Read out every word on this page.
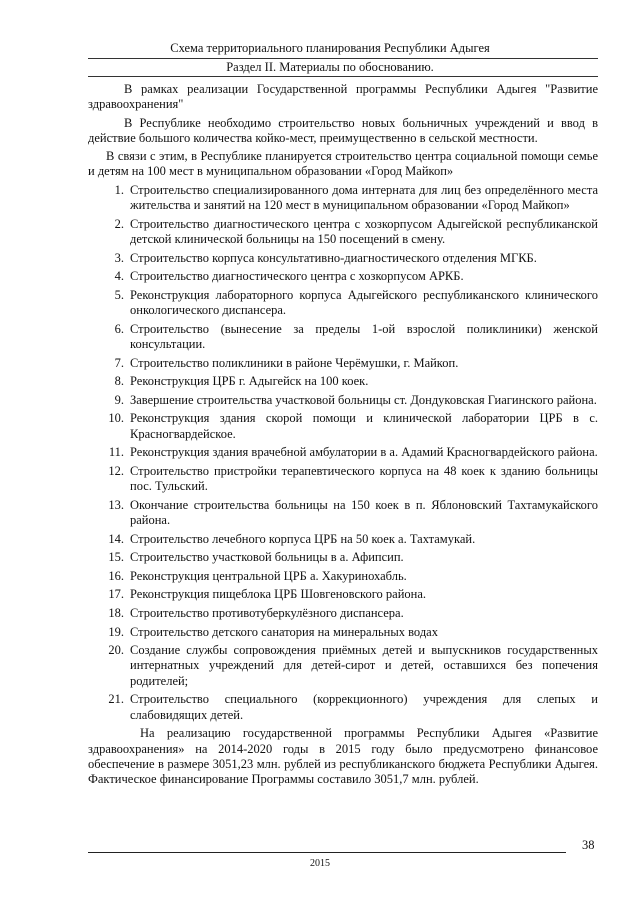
Схема территориального планирования Республики Адыгея
Раздел II. Материалы по обоснованию.

В рамках реализации Государственной программы Республики Адыгея "Развитие здравоохранения"

В Республике необходимо строительство новых больничных учреждений и ввод в действие большого количества койко-мест, преимущественно в сельской местности.

В связи с этим, в Республике планируется строительство центра социальной помощи семье и детям на 100 мест в муниципальном образовании «Город Майкоп»

1. Строительство специализированного дома интерната для лиц без определённого места жительства и занятий на 120 мест в муниципальном образовании «Город Майкоп»
2. Строительство диагностического центра с хозкорпусом Адыгейской республиканской детской клинической больницы на 150 посещений в смену.
3. Строительство корпуса консультативно-диагностического отделения МГКБ.
4. Строительство диагностического центра с хозкорпусом АРКБ.
5. Реконструкция лабораторного корпуса Адыгейского республиканского клинического онкологического диспансера.
6. Строительство (вынесение за пределы 1-ой взрослой поликлиники) женской консультации.
7. Строительство поликлиники в районе Черёмушки, г. Майкоп.
8. Реконструкция ЦРБ г. Адыгейск на 100 коек.
9. Завершение строительства участковой больницы ст. Дондуковская Гиагинского района.
10. Реконструкция здания скорой помощи и клинической лаборатории ЦРБ в с. Красногвардейское.
11. Реконструкция здания врачебной амбулатории в а. Адамий Красногвардейского района.
12. Строительство пристройки терапевтического корпуса на 48 коек к зданию больницы пос. Тульский.
13. Окончание строительства больницы на 150 коек в п. Яблоновский Тахтамукайского района.
14. Строительство лечебного корпуса ЦРБ на 50 коек а. Тахтамукай.
15. Строительство участковой больницы в а. Афипсип.
16. Реконструкция центральной ЦРБ а. Хакуринохабль.
17. Реконструкция пищеблока ЦРБ Шовгеновского района.
18. Строительство противотуберкулёзного диспансера.
19. Строительство детского санатория на минеральных водах
20. Создание службы сопровождения приёмных детей и выпускников государственных интернатных учреждений для детей-сирот и детей, оставшихся без попечения родителей;
21. Строительство специального (коррекционного) учреждения для слепых и слабовидящих детей.

На реализацию государственной программы Республики Адыгея «Развитие здравоохранения» на 2014-2020 годы в 2015 году было предусмотрено финансовое обеспечение в размере 3051,23 млн. рублей из республиканского бюджета Республики Адыгея. Фактическое финансирование Программы составило 3051,7 млн. рублей.

38
2015
